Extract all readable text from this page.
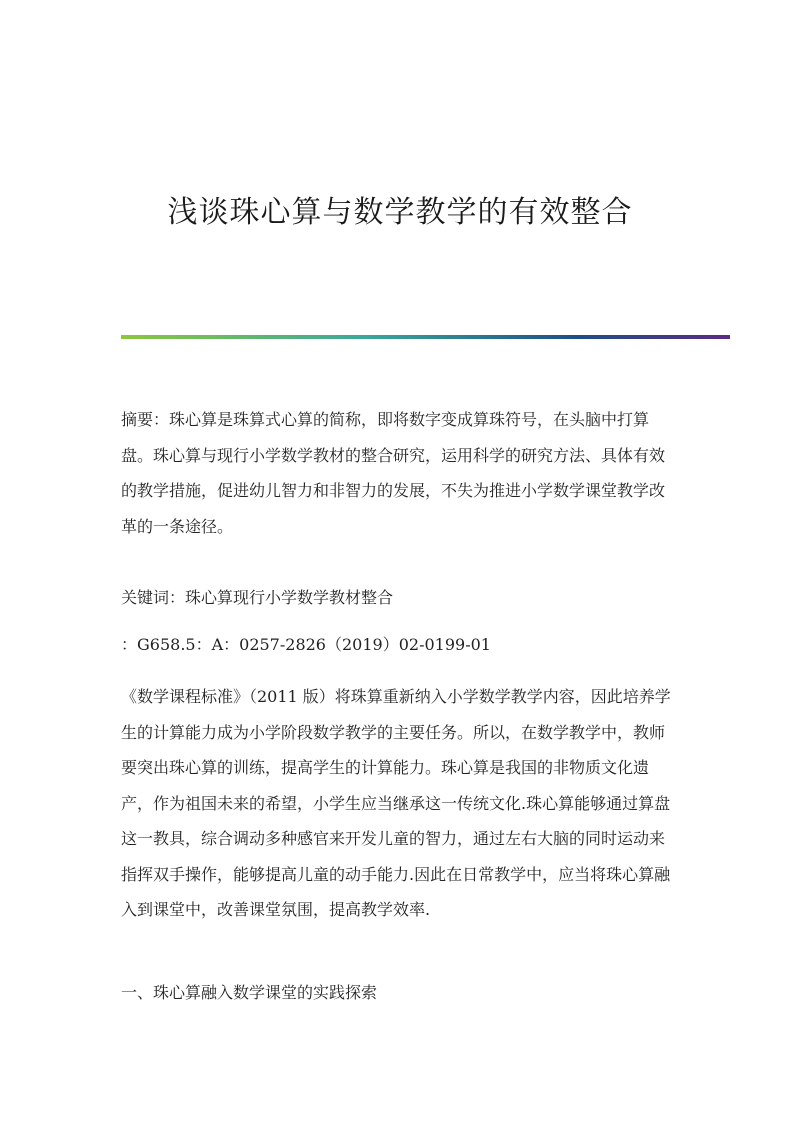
浅谈珠心算与数学教学的有效整合
摘要：珠心算是珠算式心算的简称，即将数字变成算珠符号，在头脑中打算
盘。珠心算与现行小学数学教材的整合研究，运用科学的研究方法、具体有效
的教学措施，促进幼儿智力和非智力的发展，不失为推进小学数学课堂教学改
革的一条途径。
关键词：珠心算现行小学数学教材整合
：G658.5：A：0257-2826（2019）02-0199-01
《数学课程标准》（2011 版）将珠算重新纳入小学数学教学内容，因此培养学
生的计算能力成为小学阶段数学教学的主要任务。所以，在数学教学中，教师
要突出珠心算的训练，提高学生的计算能力。珠心算是我国的非物质文化遗
产，作为祖国未来的希望，小学生应当继承这一传统文化.珠心算能够通过算盘
这一教具，综合调动多种感官来开发儿童的智力，通过左右大脑的同时运动来
指挥双手操作，能够提高儿童的动手能力.因此在日常教学中，应当将珠心算融
入到课堂中，改善课堂氛围，提高教学效率.
一、珠心算融入数学课堂的实践探索
